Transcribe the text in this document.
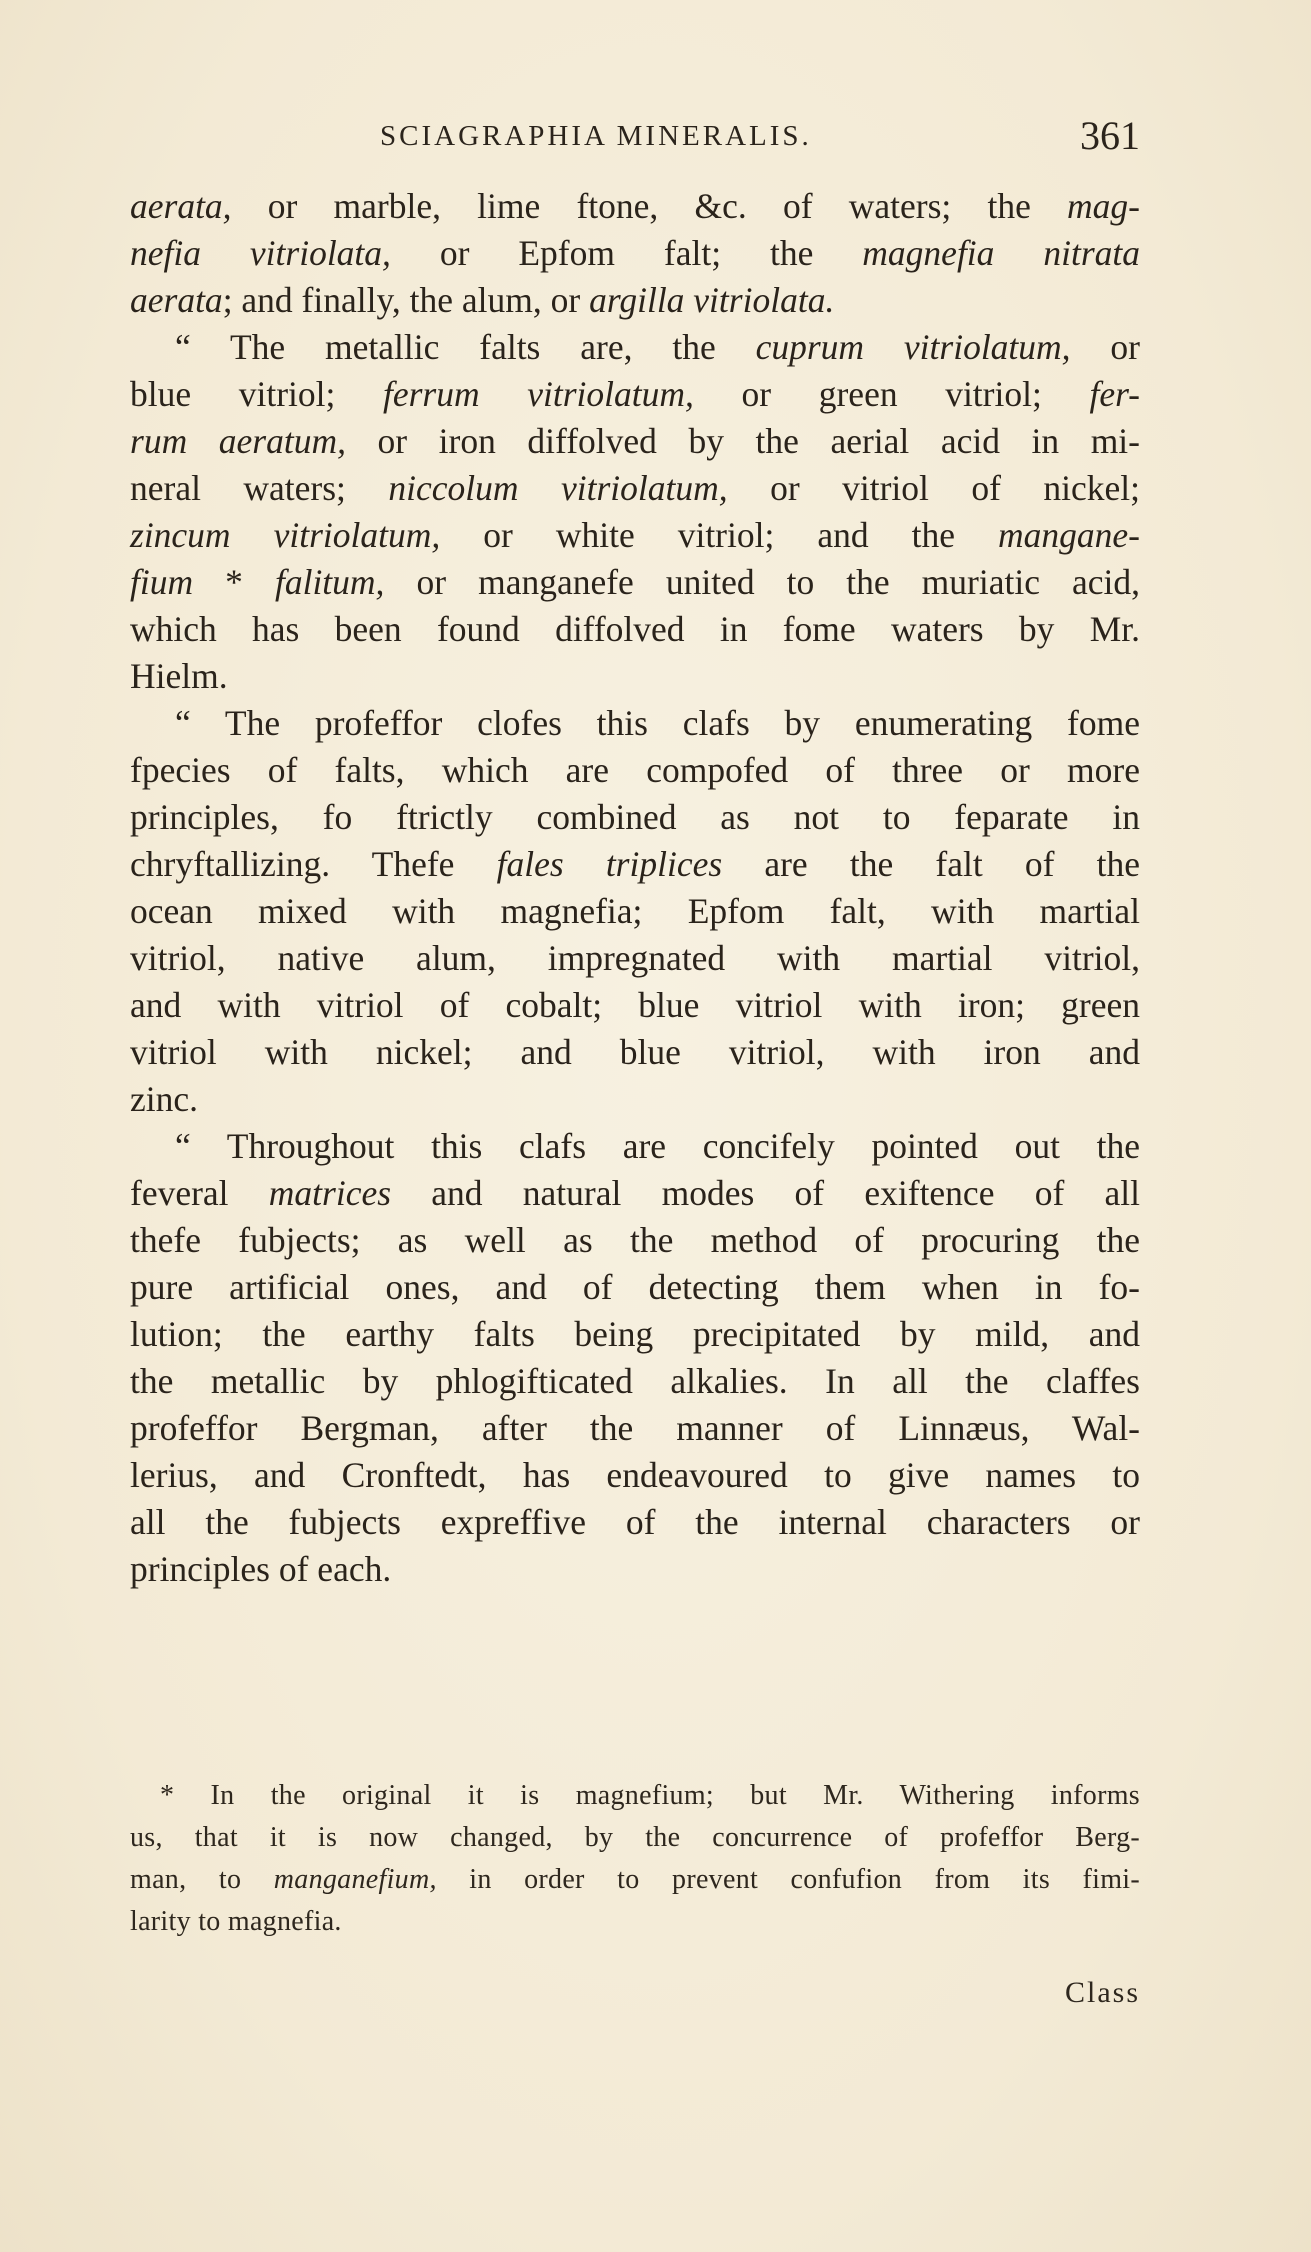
SCIAGRAPHIA MINERALIS.	361

aerata, or marble, lime ftone, &c. of waters; the mag-
nefia vitriolata, or Epfom falt; the magnefia nitrata
aerata; and finally, the alum, or argilla vitriolata.

“ The metallic falts are, the cuprum vitriolatum, or
blue vitriol; ferrum vitriolatum, or green vitriol; fer-
rum aeratum, or iron diffolved by the aerial acid in mi-
neral waters; niccolum vitriolatum, or vitriol of nickel;
zincum vitriolatum, or white vitriol; and the mangane-
fium * falitum, or manganefe united to the muriatic acid,
which has been found diffolved in fome waters by Mr.
Hielm.

“ The profeffor clofes this clafs by enumerating fome
fpecies of falts, which are compofed of three or more
principles, fo ftrictly combined as not to feparate in
chryftallizing. Thefe fales triplices are the falt of the
ocean mixed with magnefia; Epfom falt, with martial
vitriol, native alum, impregnated with martial vitriol,
and with vitriol of cobalt; blue vitriol with iron; green
vitriol with nickel; and blue vitriol, with iron and
zinc.

“ Throughout this clafs are concifely pointed out the
feveral matrices and natural modes of exiftence of all
thefe fubjects; as well as the method of procuring the
pure artificial ones, and of detecting them when in fo-
lution; the earthy falts being precipitated by mild, and
the metallic by phlogifticated alkalies. In all the claffes
profeffor Bergman, after the manner of Linnæus, Wal-
lerius, and Cronftedt, has endeavoured to give names to
all the fubjects expreffive of the internal characters or
principles of each.

* In the original it is magnefium; but Mr. Withering informs
us, that it is now changed, by the concurrence of profeffor Berg-
man, to manganefium, in order to prevent confufion from its fimi-
larity to magnefia.
Class
